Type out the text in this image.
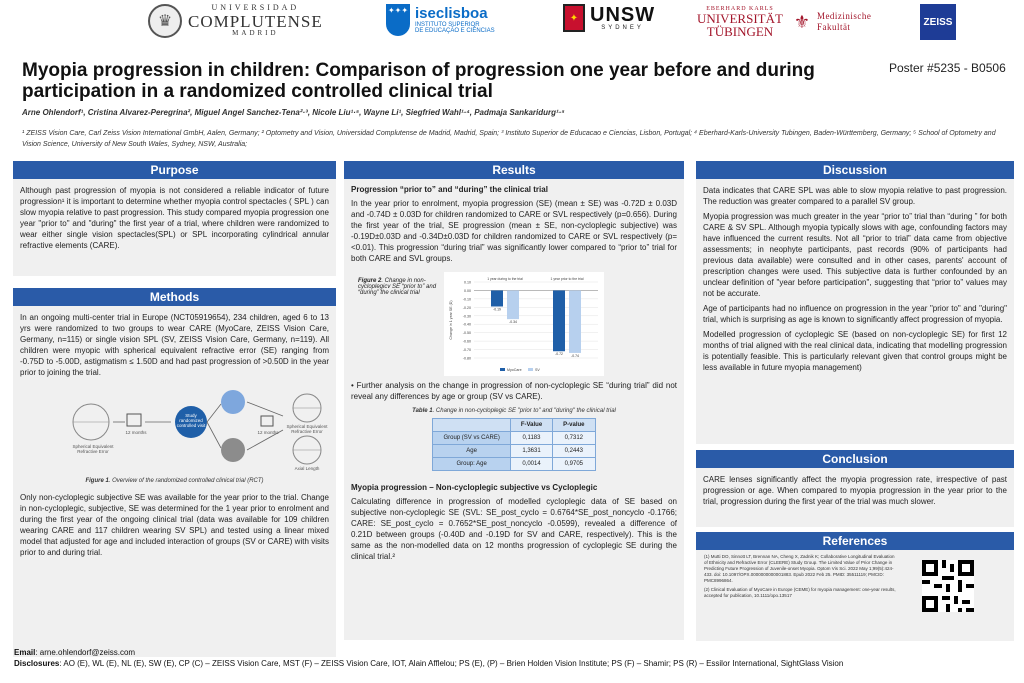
♛
UNIVERSIDAD
COMPLUTENSE
MADRID
✦✦✦ iseclisboa
INSTITUTO SUPERIOR
DE EDUCAÇÃO E CIÊNCIAS
✦ UNSW
SYDNEY
EBERHARD KARLS
UNIVERSITÄT
TÜBINGEN	⚜ Medizinische
Fakultät	ZEISS
Myopia progression in children: Comparison of progression one year before and during participation in a randomized controlled clinical trial
Poster #5235 - B0506
Arne Ohlendorf¹, Cristina Alvarez-Peregrina², Miguel Angel Sanchez-Tena²·³, Nicole Liu¹·⁵, Wayne Li¹, Siegfried Wahl¹·⁴, Padmaja Sankaridurg¹·⁵
¹ ZEISS Vision Care, Carl Zeiss Vision International GmbH, Aalen, Germany; ² Optometry and Vision, Universidad Complutense de Madrid, Madrid, Spain; ³ Instituto Superior de Educacao e Ciencias, Lisbon, Portugal; ⁴ Eberhard-Karls-University Tubingen, Baden-Württemberg, Germany; ⁵ School of Optometry and Vision Science, University of New South Wales, Sydney, NSW, Australia;
Purpose
Although past progression of myopia is not considered a reliable indicator of future progression¹ it is important to determine whether myopia control spectacles ( SPL ) can slow myopia relative to past progression. This study compared myopia progression one year "prior to" and "during" the first year of a trial, where children were randomized to wear either single vision spectacles(SPL) or SPL incorporating cylindrical annular refractive elements (CARE).
Methods
In an ongoing multi-center trial in Europe (NCT05919654), 234 children, aged 6 to 13 yrs were randomized to two groups to wear CARE (MyoCare, ZEISS Vision Care, Germany, n=115) or single vision SPL (SV, ZEISS Vision Care, Germany, n=119). All children were myopic with spherical equivalent refractive error (SE) ranging from -0.75D to -5.00D, astigmatism ≤ 1.50D and had past progression of >0.50D in the year prior to joining the trial.
Spherical Equivalent Refractive Error
12 months
Study randomized controlled visit
12 months
Spherical Equivalent Refractive Error
Axial Length
Figure 1. Overview of the randomized controlled clinical trial (RCT)
Only non-cycloplegic subjective SE was available for the year prior to the trial. Change in non-cycloplegic, subjective, SE was determined for the 1 year prior to enrolment and during the first year of the ongoing clinical trial (data was available for 109 children wearing CARE and 117 children wearing SV SPL) and tested using a linear mixed model that adjusted for age and included interaction of groups (SV or CARE) with visits prior to and during trial.
Results
Progression “prior to” and “during” the clinical trial
In the year prior to enrolment, myopia progression (SE) (mean ± SE) was -0.72D ± 0.03D and -0.74D ± 0.03D for children randomized to CARE or SVL respectively (p=0.656). During the first year of the trial, SE progression (mean ± SE, non-cycloplegic subjective) was -0.19D±0.03D and -0.34D±0.03D for children randomized to CARE or SVL respectively (p=<0.01). This progression “during trial” was significantly lower compared to “prior to” trial for both CARE and SVL groups.
Figure 2. Change in non-cycloplegicv SE “prior to” and “during” the clinical trial
0.10
0.00
-0.10
-0.20
-0.30
-0.40
-0.50
-0.60
-0.70
-0.80
Change in 1 year SE (D)
1 year during to the trial
-0.19
-0.34
1 year prior to the trial
-0.72 -0.74
MyoCare	SV
• Further analysis on the change in progression of non-cycloplegic SE “during trial” did not reveal any differences by age or group (SV vs CARE).
Table 1. Change in non-cycloplegic SE "prior to" and "during" the clinical trial
	F-Value	P-value
Group (SV vs CARE)	0,1183	0,7312
Age	1,3631	0,2443
Group: Age	0,0014	0,9705
Myopia progression – Non-cycloplegic subjective vs Cycloplegic
Calculating difference in progression of modelled cycloplegic data of SE based on subjective non-cycloplegic SE (SVL: SE_post_cyclo = 0.6764*SE_post_noncyclo -0.1766; CARE: SE_post_cyclo = 0.7652*SE_post_noncyclo -0.0599), revealed a difference of 0.21D between groups (-0.40D and -0.19D for SV and CARE, respectively). This is the same as the non-modelled data on 12 months progression of cycloplegic SE during the clinical trial.²
Discussion
Data indicates that CARE SPL was able to slow myopia relative to past progression. The reduction was greater compared to a parallel SV group.
Myopia progression was much greater in the year “prior to” trial than “during ” for both CARE & SV SPL. Although myopia typically slows with age, confounding factors may have influenced the current results. Not all “prior to trial” data came from objective assessments; in neophyte participants, past records (90% of participants had previous data available) were consulted and in other cases, parents' account of prescription changes were used. This subjective data is further confounded by an unclear definition of "year before participation", suggesting that “prior to” values may not be accurate.
Age of participants had no influence on progression in the year "prior to" and "during" trial, which is surprising as age is known to significantly affect progression of myopia.
Modelled progression of cycloplegic SE (based on non-cycloplegic SE) for first 12 months of trial aligned with the real clinical data, indicating that modelling progression is potentially feasible. This is particularly relevant given that control groups might be less available in future myopia management)
Conclusion
CARE lenses significantly affect the myopia progression rate, irrespective of past progression or age. When compared to myopia progression in the year prior to the trial, progression during the first year of the trial was much slower.
References
(1) Mutti DO, Sinnott LT, Brennan NA, Cheng X, Zadnik K; Collaborative Longitudinal Evaluation of Ethnicity and Refractive Error (CLEERE) Study Group. The Limited Value of Prior Change in Predicting Future Progression of Juvenile-onset Myopia. Optom Vis Sci. 2022 May 1;99(5):424-433. doi: 10.1097/OPX.0000000000001883. Epub 2022 Feb 25. PMID: 35511119; PMCID: PMC8996864.
(2) Clinical Evaluation of MyoCare in Europe (CEME) for myopia management: one-year results, accepted for publication, 10.1111/opo.13517
Email: arne.ohlendorf@zeiss.com
Disclosures: AO (E), WL (E), NL (E), SW (E), CP (C) – ZEISS Vision Care, MST (F) – ZEISS Vision Care, IOT, Alain Afflelou; PS (E), (P) – Brien Holden Vision Institute; PS (F) – Shamir; PS (R) – Essilor International, SightGlass Vision
